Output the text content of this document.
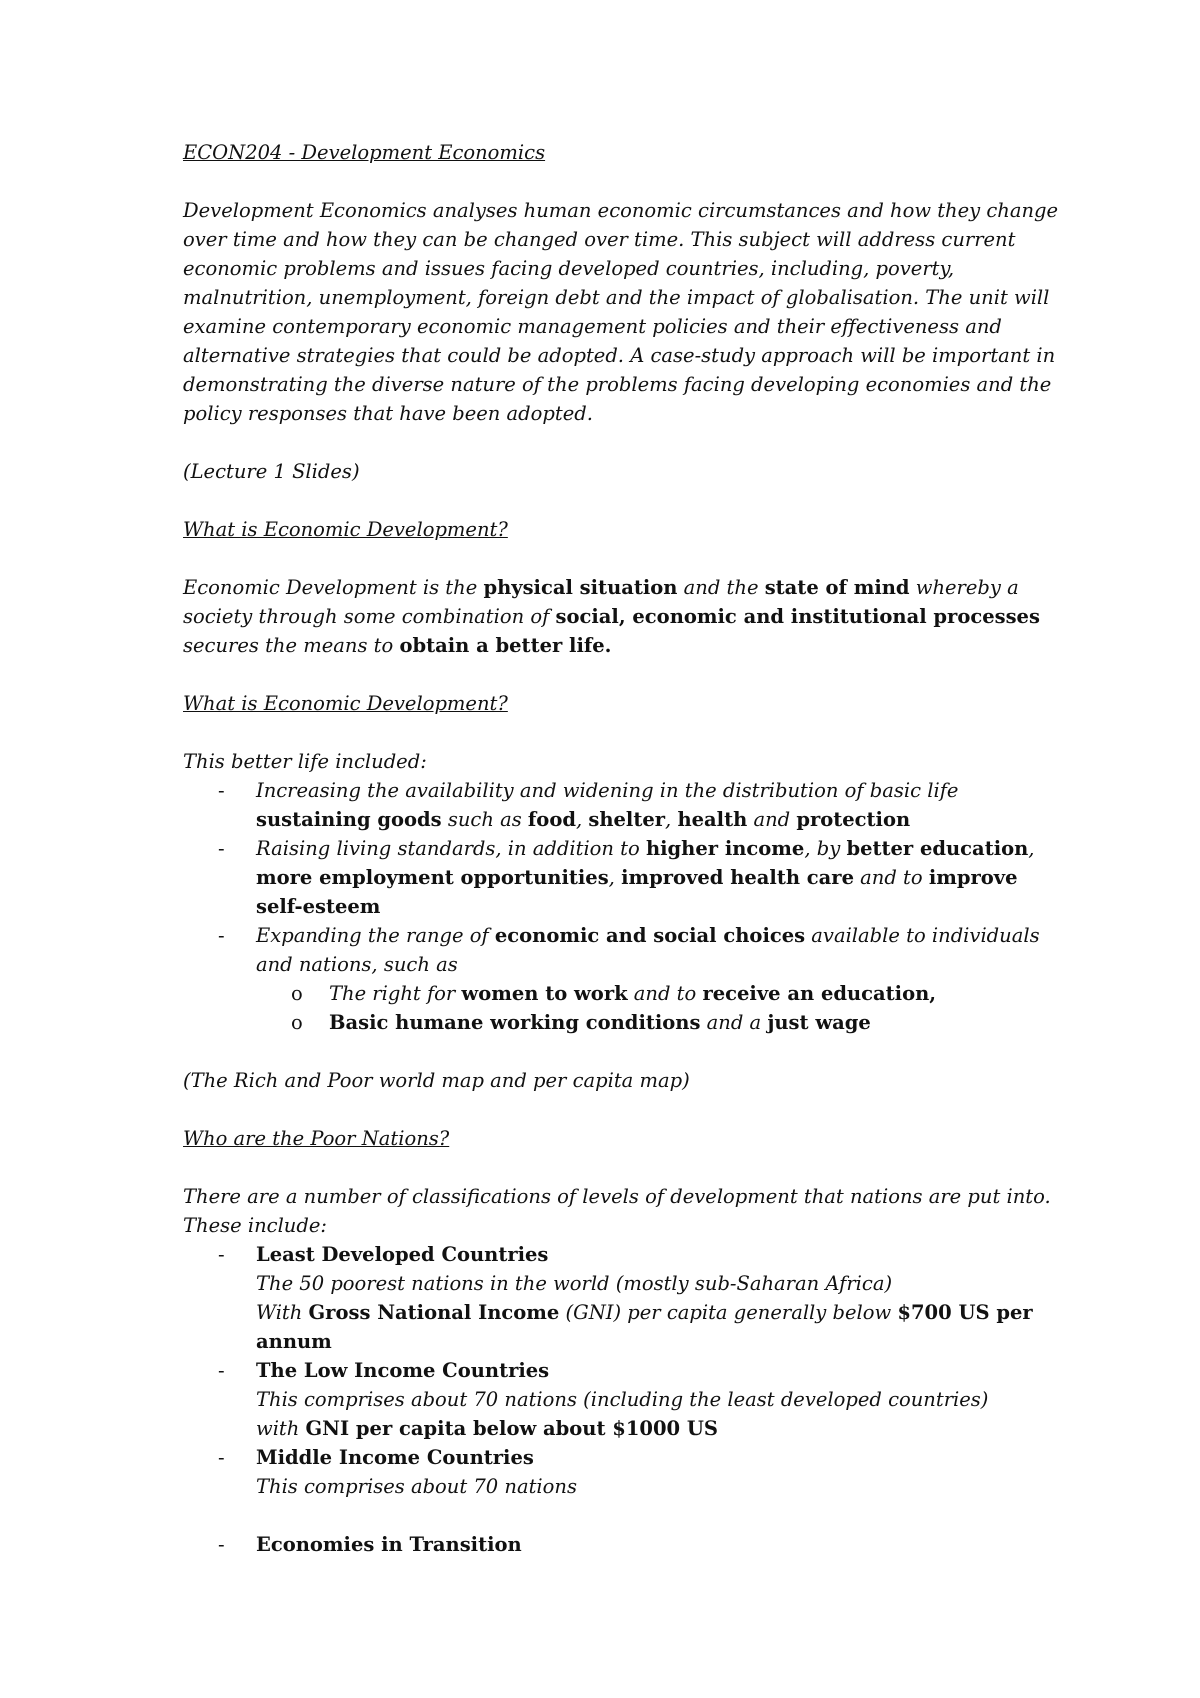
ECON204 - Development Economics

Development Economics analyses human economic circumstances and how they change over time and how they can be changed over time. This subject will address current economic problems and issues facing developed countries, including, poverty, malnutrition, unemployment, foreign debt and the impact of globalisation. The unit will examine contemporary economic management policies and their effectiveness and alternative strategies that could be adopted. A case-study approach will be important in demonstrating the diverse nature of the problems facing developing economies and the policy responses that have been adopted.

(Lecture 1 Slides)

What is Economic Development?

Economic Development is the physical situation and the state of mind whereby a society through some combination of social, economic and institutional processes secures the means to obtain a better life.

What is Economic Development?

This better life included:

- Increasing the availability and widening in the distribution of basic life sustaining goods such as food, shelter, health and protection
- Raising living standards, in addition to higher income, by better education, more employment opportunities, improved health care and to improve self-esteem
- Expanding the range of economic and social choices available to individuals and nations, such as
o The right for women to work and to receive an education,
o Basic humane working conditions and a just wage

(The Rich and Poor world map and per capita map)

Who are the Poor Nations?

There are a number of classifications of levels of development that nations are put into. These include:

- Least Developed Countries
The 50 poorest nations in the world (mostly sub-Saharan Africa)
With Gross National Income (GNI) per capita generally below $700 US per annum
- The Low Income Countries
This comprises about 70 nations (including the least developed countries)
with GNI per capita below about $1000 US
- Middle Income Countries
This comprises about 70 nations
- Economies in Transition
